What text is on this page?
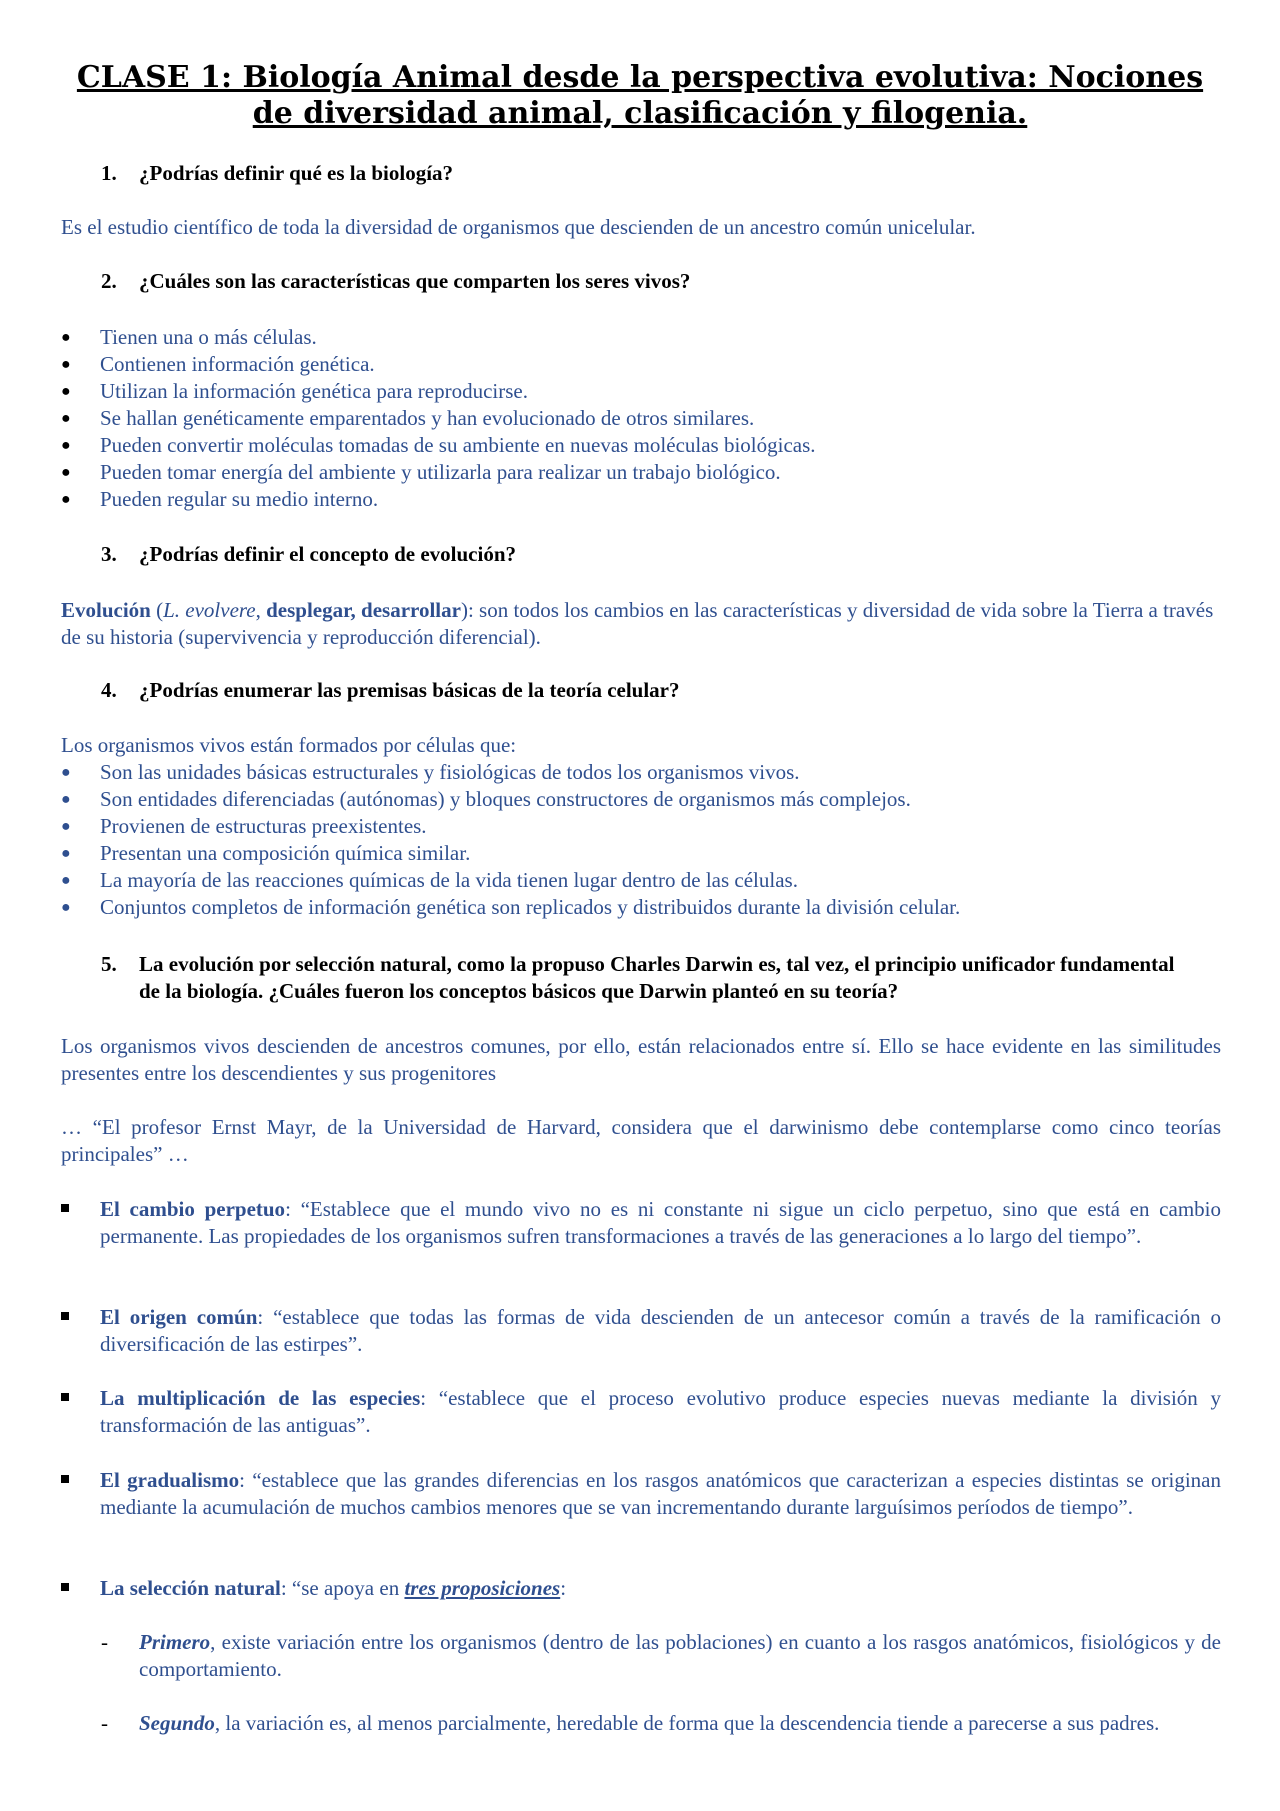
CLASE 1: Biología Animal desde la perspectiva evolutiva: Nociones de diversidad animal, clasificación y filogenia.
1. ¿Podrías definir qué es la biología?
Es el estudio científico de toda la diversidad de organismos que descienden de un ancestro común unicelular.
2. ¿Cuáles son las características que comparten los seres vivos?
● Tienen una o más células.
● Contienen información genética.
● Utilizan la información genética para reproducirse.
● Se hallan genéticamente emparentados y han evolucionado de otros similares.
● Pueden convertir moléculas tomadas de su ambiente en nuevas moléculas biológicas.
● Pueden tomar energía del ambiente y utilizarla para realizar un trabajo biológico.
● Pueden regular su medio interno.
3. ¿Podrías definir el concepto de evolución?
Evolución (L. evolvere, desplegar, desarrollar): son todos los cambios en las características y diversidad de vida sobre la Tierra a través de su historia (supervivencia y reproducción diferencial).
4. ¿Podrías enumerar las premisas básicas de la teoría celular?
Los organismos vivos están formados por células que:
● Son las unidades básicas estructurales y fisiológicas de todos los organismos vivos.
● Son entidades diferenciadas (autónomas) y bloques constructores de organismos más complejos.
● Provienen de estructuras preexistentes.
● Presentan una composición química similar.
● La mayoría de las reacciones químicas de la vida tienen lugar dentro de las células.
● Conjuntos completos de información genética son replicados y distribuidos durante la división celular.
5. La evolución por selección natural, como la propuso Charles Darwin es, tal vez, el principio unificador fundamental de la biología. ¿Cuáles fueron los conceptos básicos que Darwin planteó en su teoría?
Los organismos vivos descienden de ancestros comunes, por ello, están relacionados entre sí. Ello se hace evidente en las similitudes presentes entre los descendientes y sus progenitores
… “El profesor Ernst Mayr, de la Universidad de Harvard, considera que el darwinismo debe contemplarse como cinco teorías principales” …
El cambio perpetuo: “Establece que el mundo vivo no es ni constante ni sigue un ciclo perpetuo, sino que está en cambio permanente. Las propiedades de los organismos sufren transformaciones a través de las generaciones a lo largo del tiempo”.
El origen común: “establece que todas las formas de vida descienden de un antecesor común a través de la ramificación o diversificación de las estirpes”.
La multiplicación de las especies: “establece que el proceso evolutivo produce especies nuevas mediante la división y transformación de las antiguas”.
El gradualismo: “establece que las grandes diferencias en los rasgos anatómicos que caracterizan a especies distintas se originan mediante la acumulación de muchos cambios menores que se van incrementando durante larguísimos períodos de tiempo”.
La selección natural: “se apoya en tres proposiciones:
- Primero, existe variación entre los organismos (dentro de las poblaciones) en cuanto a los rasgos anatómicos, fisiológicos y de comportamiento.
- Segundo, la variación es, al menos parcialmente, heredable de forma que la descendencia tiende a parecerse a sus padres.
